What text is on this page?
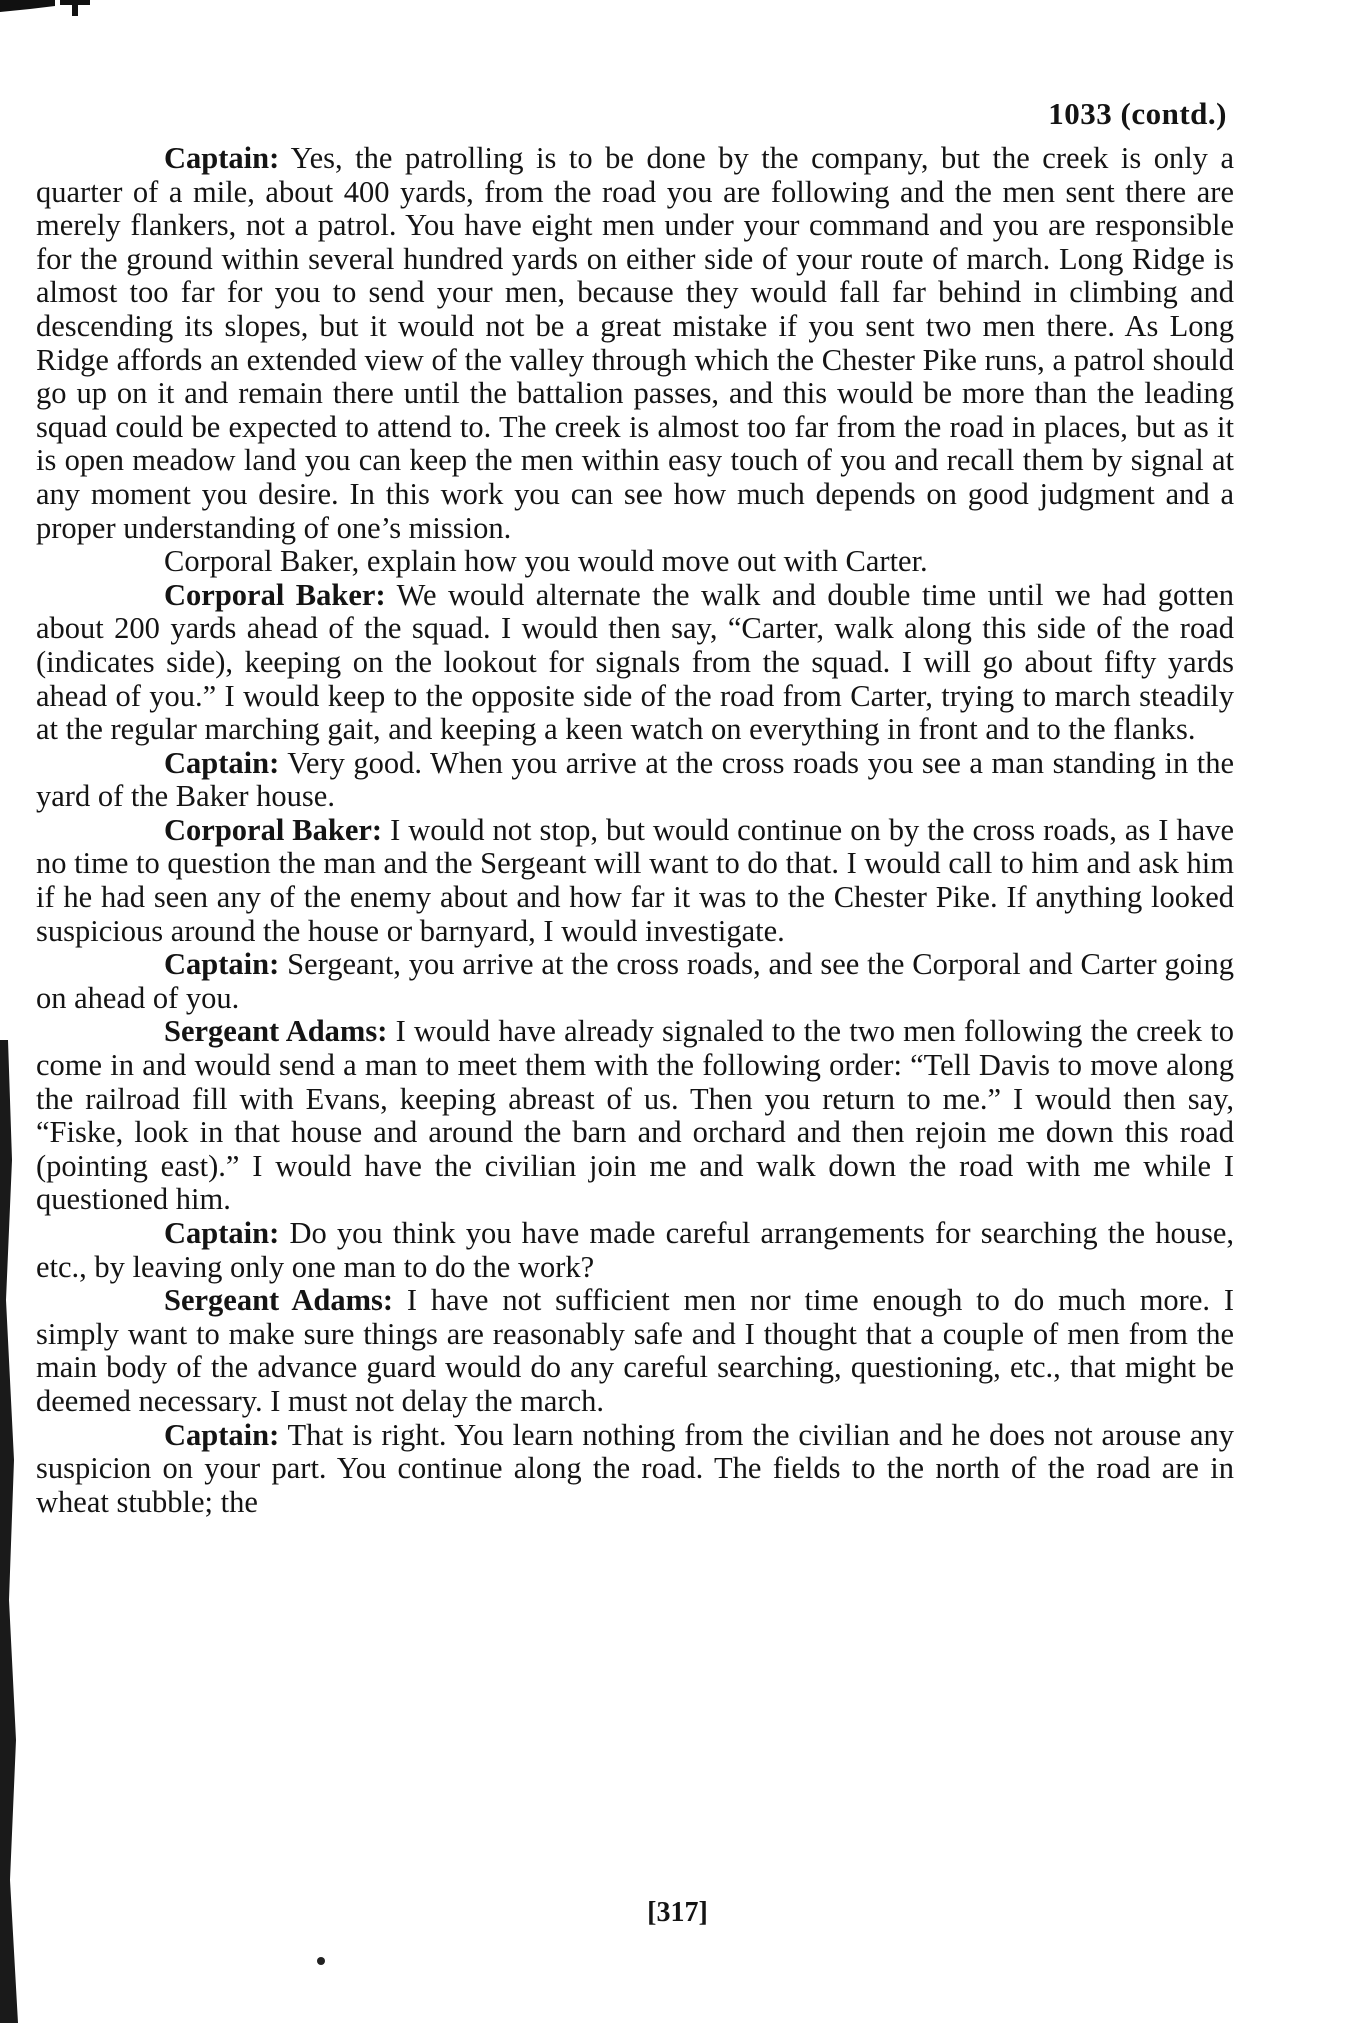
1033 (contd.)

Captain: Yes, the patrolling is to be done by the company, but the creek is only a quarter of a mile, about 400 yards, from the road you are following and the men sent there are merely flankers, not a patrol. You have eight men under your command and you are responsible for the ground within several hundred yards on either side of your route of march. Long Ridge is almost too far for you to send your men, because they would fall far behind in climbing and descending its slopes, but it would not be a great mistake if you sent two men there. As Long Ridge affords an extended view of the valley through which the Chester Pike runs, a patrol should go up on it and remain there until the battalion passes, and this would be more than the leading squad could be expected to attend to. The creek is almost too far from the road in places, but as it is open meadow land you can keep the men within easy touch of you and recall them by signal at any moment you desire. In this work you can see how much depends on good judgment and a proper understanding of one’s mission.

Corporal Baker, explain how you would move out with Carter.

Corporal Baker: We would alternate the walk and double time until we had gotten about 200 yards ahead of the squad. I would then say, “Carter, walk along this side of the road (indicates side), keeping on the lookout for signals from the squad. I will go about fifty yards ahead of you.” I would keep to the opposite side of the road from Carter, trying to march steadily at the regular marching gait, and keeping a keen watch on everything in front and to the flanks.

Captain: Very good. When you arrive at the cross roads you see a man standing in the yard of the Baker house.

Corporal Baker: I would not stop, but would continue on by the cross roads, as I have no time to question the man and the Sergeant will want to do that. I would call to him and ask him if he had seen any of the enemy about and how far it was to the Chester Pike. If anything looked suspicious around the house or barnyard, I would investigate.

Captain: Sergeant, you arrive at the cross roads, and see the Corporal and Carter going on ahead of you.

Sergeant Adams: I would have already signaled to the two men following the creek to come in and would send a man to meet them with the following order: “Tell Davis to move along the railroad fill with Evans, keeping abreast of us. Then you return to me.” I would then say, “Fiske, look in that house and around the barn and orchard and then rejoin me down this road (pointing east).” I would have the civilian join me and walk down the road with me while I questioned him.

Captain: Do you think you have made careful arrangements for searching the house, etc., by leaving only one man to do the work?

Sergeant Adams: I have not sufficient men nor time enough to do much more. I simply want to make sure things are reasonably safe and I thought that a couple of men from the main body of the advance guard would do any careful searching, questioning, etc., that might be deemed necessary. I must not delay the march.

Captain: That is right. You learn nothing from the civilian and he does not arouse any suspicion on your part. You continue along the road. The fields to the north of the road are in wheat stubble; the

[317]
